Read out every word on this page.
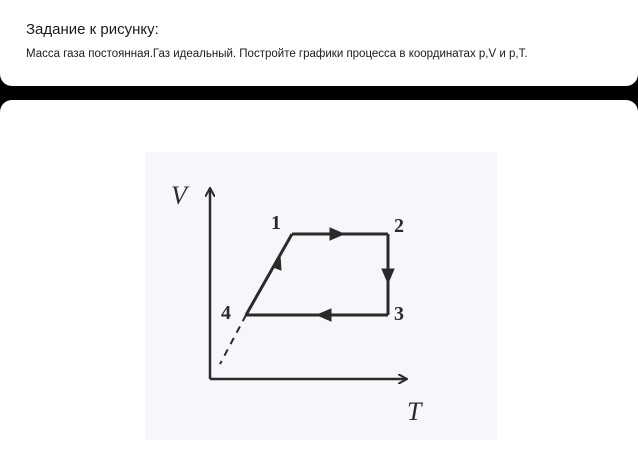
Задание к рисунку:
Масса газа постоянная.Газ идеальный. Постройте графики процесса в координатах p,V и p,T.
V
T
1	2
3
4
